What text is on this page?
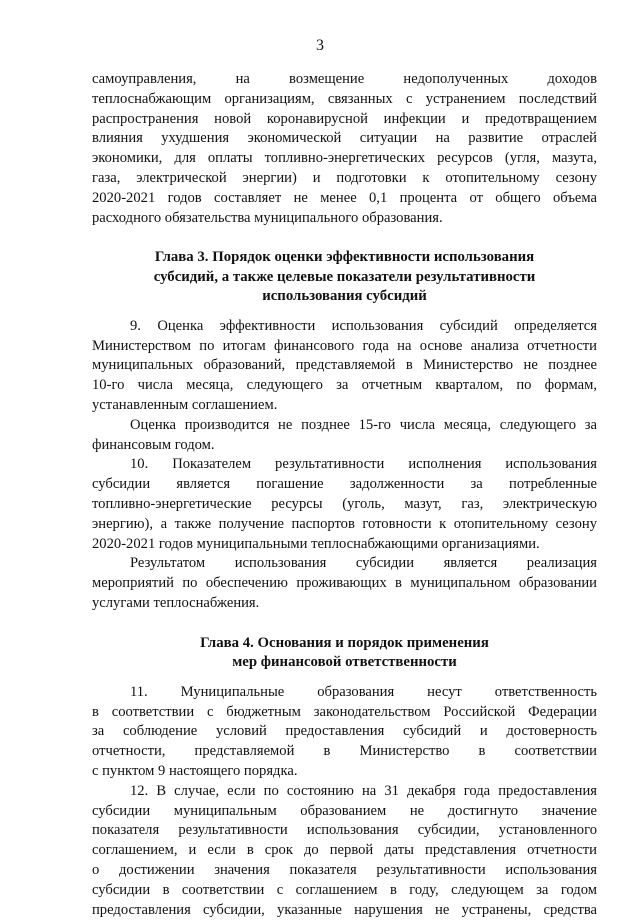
3
самоуправления, на возмещение недополученных доходов
теплоснабжающим организациям, связанных с устранением последствий
распространения новой коронавирусной инфекции и предотвращением
влияния ухудшения экономической ситуации на развитие отраслей
экономики, для оплаты топливно-энергетических ресурсов (угля, мазута,
газа, электрической энергии) и подготовки к отопительному сезону
2020-2021 годов составляет не менее 0,1 процента от общего объема
расходного обязательства муниципального образования.

Глава 3. Порядок оценки эффективности использования

субсидий, а также целевые показатели результативности

использования субсидий

9. Оценка эффективности использования субсидий определяется
Министерством по итогам финансового года на основе анализа отчетности
муниципальных образований, представляемой в Министерство не позднее
10-го числа месяца, следующего за отчетным кварталом, по формам,
устанавленным соглашением.
Оценка производится не позднее 15-го числа месяца, следующего за
финансовым годом.
10. Показателем результативности исполнения использования
субсидии является погашение задолженности за потребленные
топливно-энергетические ресурсы (уголь, мазут, газ, электрическую
энергию), а также получение паспортов готовности к отопительному сезону
2020-2021 годов муниципальными теплоснабжающими организациями.
Результатом использования субсидии является реализация
мероприятий по обеспечению проживающих в муниципальном образовании
услугами теплоснабжения.

Глава 4. Основания и порядок применения

мер финансовой ответственности

11. Муниципальные образования несут ответственность
в соответствии с бюджетным законодательством Российской Федерации
за соблюдение условий предоставления субсидий и достоверность
отчетности, представляемой в Министерство в соответствии
с пунктом 9 настоящего порядка.
12. В случае, если по состоянию на 31 декабря года предоставления
субсидии муниципальным образованием не достигнуто значение
показателя результативности использования субсидии, установленного
соглашением, и если в срок до первой даты представления отчетности
о достижении значения показателя результативности использования
субсидии в соответствии с соглашением в году, следующем за годом
предоставления субсидии, указанные нарушения не устранены, средства
